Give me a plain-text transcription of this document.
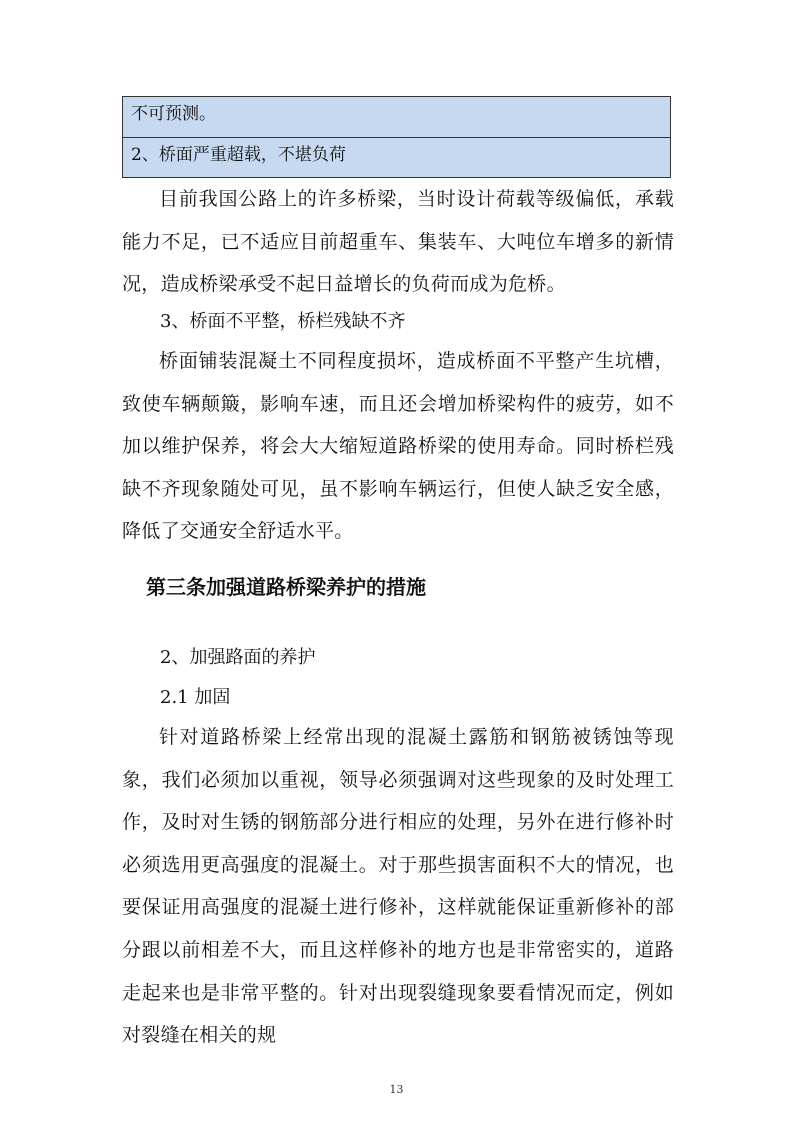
不可预测。
2、桥面严重超载，不堪负荷

目前我国公路上的许多桥梁，当时设计荷载等级偏低，承载能力不足，已不适应目前超重车、集装车、大吨位车增多的新情况，造成桥梁承受不起日益增长的负荷而成为危桥。

3、桥面不平整，桥栏残缺不齐

桥面铺装混凝土不同程度损坏，造成桥面不平整产生坑槽，致使车辆颠簸，影响车速，而且还会增加桥梁构件的疲劳，如不加以维护保养，将会大大缩短道路桥梁的使用寿命。同时桥栏残缺不齐现象随处可见，虽不影响车辆运行，但使人缺乏安全感，降低了交通安全舒适水平。

第三条加强道路桥梁养护的措施

2、加强路面的养护

2.1 加固

针对道路桥梁上经常出现的混凝土露筋和钢筋被锈蚀等现象，我们必须加以重视，领导必须强调对这些现象的及时处理工作，及时对生锈的钢筋部分进行相应的处理，另外在进行修补时必须选用更高强度的混凝土。对于那些损害面积不大的情况，也要保证用高强度的混凝土进行修补，这样就能保证重新修补的部分跟以前相差不大，而且这样修补的地方也是非常密实的，道路走起来也是非常平整的。针对出现裂缝现象要看情况而定，例如对裂缝在相关的规

13
